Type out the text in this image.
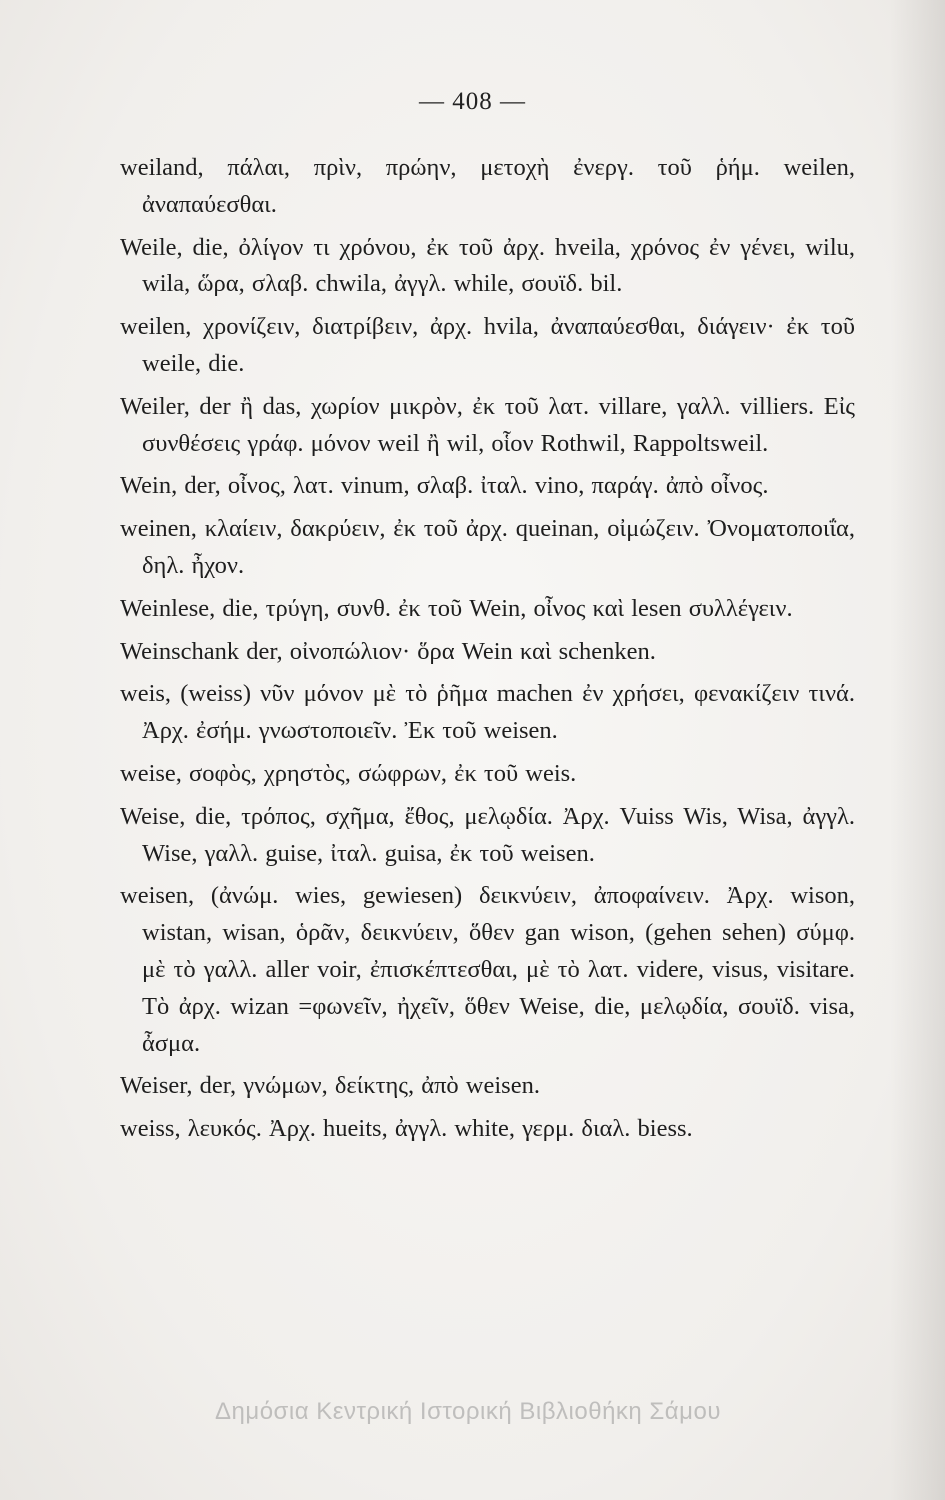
— 408 —

weiland, πάλαι, πρὶν, πρώην, μετοχὴ ἐνεργ. τοῦ ῥήμ. weilen, ἀναπαύεσθαι.

Weile, die, ὀλίγον τι χρόνου, ἐκ τοῦ ἀρχ. hveila, χρόνος ἐν γένει, wilu, wila, ὥρα, σλαβ. chwila, ἀγγλ. while, σουϊδ. bil.

weilen, χρονίζειν, διατρίβειν, ἀρχ. hvila, ἀναπαύεσθαι, διάγειν· ἐκ τοῦ weile, die.

Weiler, der ἢ das, χωρίον μικρὸν, ἐκ τοῦ λατ. villare, γαλλ. villiers. Εἰς συνθέσεις γράφ. μόνον weil ἢ wil, οἷον Rothwil, Rappoltsweil.

Wein, der, οἶνος, λατ. vinum, σλαβ. ἰταλ. vino, παράγ. ἀπὸ οἶνος.

weinen, κλαίειν, δακρύειν, ἐκ τοῦ ἀρχ. queinan, οἰμώζειν. Ὀνοματοποιΐα, δηλ. ἦχον.

Weinlese, die, τρύγη, συνθ. ἐκ τοῦ Wein, οἶνος καὶ lesen συλλέγειν.

Weinschank der, οἰνοπώλιον· ὅρα Wein καὶ schenken.

weis, (weiss) νῦν μόνον μὲ τὸ ῥῆμα machen ἐν χρήσει, φενακίζειν τινά. Ἀρχ. ἐσήμ. γνωστοποιεῖν. Ἐκ τοῦ weisen.

weise, σοφὸς, χρηστὸς, σώφρων, ἐκ τοῦ weis.

Weise, die, τρόπος, σχῆμα, ἔθος, μελῳδία. Ἀρχ. Vuiss Wis, Wisa, ἀγγλ. Wise, γαλλ. guise, ἰταλ. guisa, ἐκ τοῦ weisen.

weisen, (ἀνώμ. wies, gewiesen) δεικνύειν, ἀποφαίνειν. Ἀρχ. wison, wistan, wisan, ὁρᾶν, δεικνύειν, ὅθεν gan wison, (gehen sehen) σύμφ. μὲ τὸ γαλλ. aller voir, ἐπισκέπτεσθαι, μὲ τὸ λατ. videre, visus, visitare. Τὸ ἀρχ. wizan =φωνεῖν, ἠχεῖν, ὅθεν Weise, die, μελῳδία, σουϊδ. visa, ἆσμα.

Weiser, der, γνώμων, δείκτης, ἀπὸ weisen.

weiss, λευκός. Ἀρχ. hueits, ἀγγλ. white, γερμ. διαλ. biess.

Δημόσια Κεντρική Ιστορική Βιβλιοθήκη Σάμου
